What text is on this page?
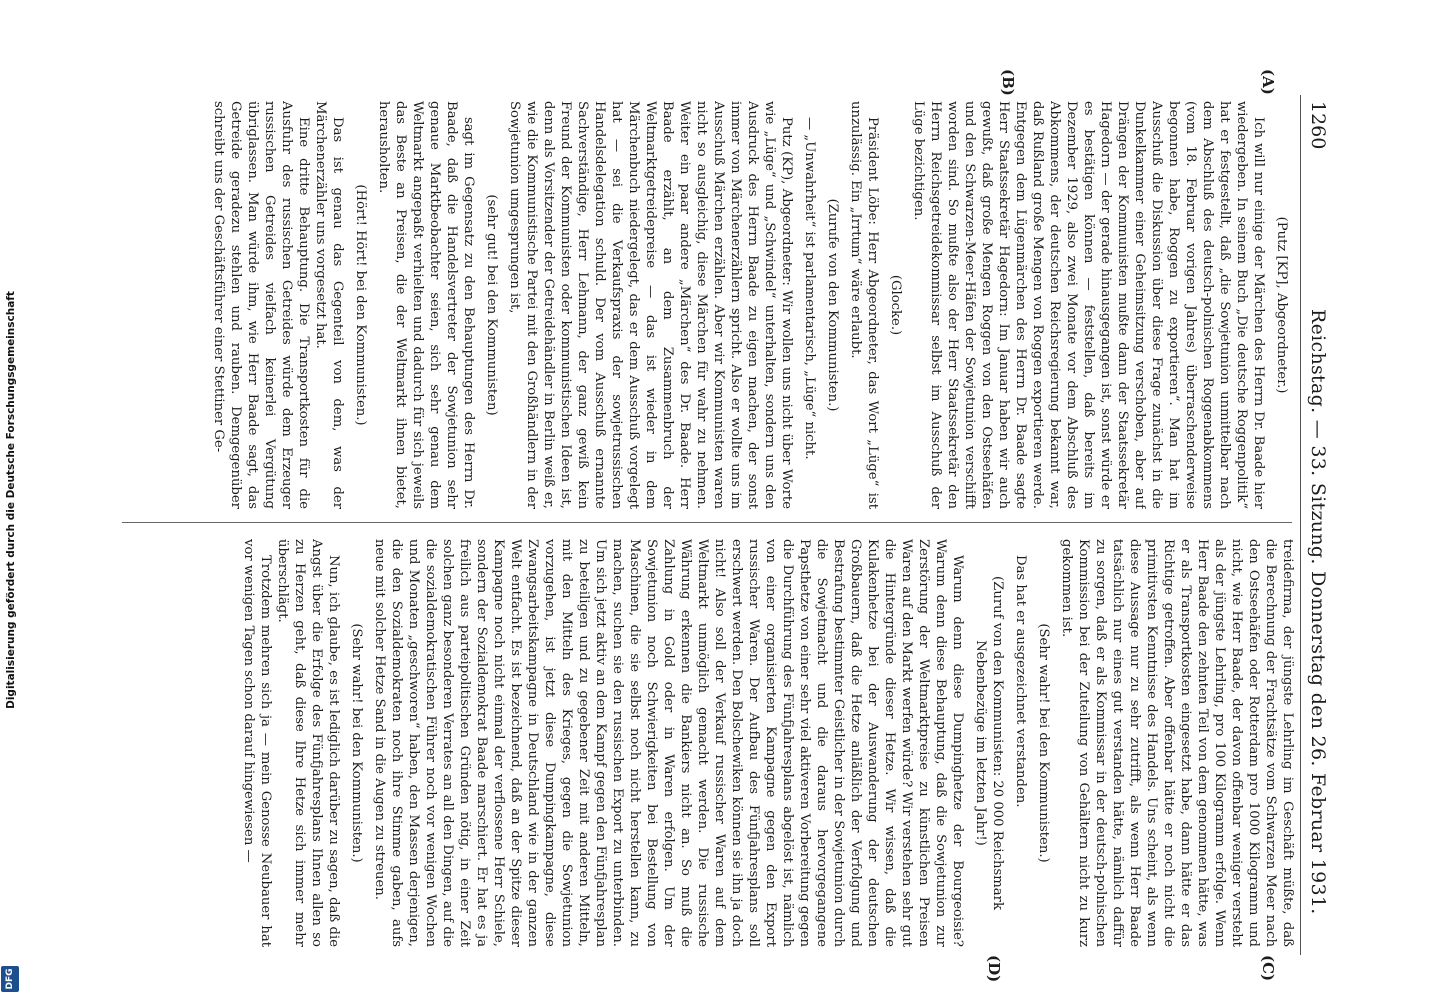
Digitalisierung gefördert durch die Deutsche Forschungsgemeinschaft
DFG
1260
Reichstag. — 33. Sitzung. Donnerstag den 26. Februar 1931.
(A)
(B)
(C)
(D)

(Putz [KP], Abgeordneter.)

Ich will nur einige der Märchen des Herrn Dr. Baade hier wiedergeben. In seinem Buch „Die deutsche Roggenpolitik“ hat er festgestellt, daß „die Sowjetunion unmittelbar nach dem Abschluß des deutsch-polnischen Roggenabkommens (vom 18. Februar vorigen Jahres) überraschenderweise begonnen habe, Roggen zu exportieren“. Man hat im Ausschuß die Diskussion über diese Frage zunächst in die Dunkelkammer einer Geheimsitzung verschoben, aber auf Drängen der Kommunisten mußte dann der Staatssekretär Hagedorn — der gerade hinausgegangen ist, sonst würde er es bestätigen können — feststellen, daß bereits im Dezember 1929, also zwei Monate vor dem Abschluß des Abkommens, der deutschen Reichsregierung bekannt war, daß Rußland große Mengen von Roggen exportieren werde. Entgegen dem Lügenmärchen des Herrn Dr. Baade sagte Herr Staatssekretär Hagedorn: Im Januar haben wir auch gewußt, daß große Mengen Roggen von den Ostseehäfen und den Schwarzen-Meer-Häfen der Sowjetunion verschifft worden sind. So mußte also der Herr Staatssekretär den Herrn Reichsgetreidekommissar selbst im Ausschuß der Lüge bezichtigen.

(Glocke.)

Präsident Löbe: Herr Abgeordneter, das Wort „Lüge“ ist unzulässig. Ein „Irrtum“ wäre erlaubt.

(Zurufe von den Kommunisten.)

— „Unwahrheit“ ist parlamentarisch, „Lüge“ nicht.

Putz (KP), Abgeordneter: Wir wollen uns nicht über Worte wie „Lüge“ und „Schwindel“ unterhalten, sondern uns den Ausdruck des Herrn Baade zu eigen machen, der sonst immer von Märchenerzählern spricht. Also er wollte uns im Ausschuß Märchen erzählen. Aber wir Kommunisten waren nicht so ausgleichig, diese Märchen für wahr zu nehmen. Weiter ein paar andere „Märchen“ des Dr. Baade. Herr Baade erzählt, an dem Zusammenbruch der Weltmarktgetreidepreise — das ist wieder in dem Märchenbuch niedergelegt, das er dem Ausschuß vorgelegt hat — sei die Verkaufspraxis der sowjetrussischen Handelsdelegation schuld. Der vom Ausschuß ernannte Sachverständige, Herr Lehmann, der ganz gewiß kein Freund der Kommunisten oder kommunistischen Ideen ist, denn als Vorsitzender der Getreidehändler in Berlin weiß er, wie die Kommunistische Partei mit den Großhändlern in der Sowjetunion umgesprungen ist,

(sehr gut! bei den Kommunisten)

sagt im Gegensatz zu den Behauptungen des Herrn Dr. Baade, daß die Handelsvertreter der Sowjetunion sehr genaue Marktbeobachter seien, sich sehr genau dem Weltmarkt angepaßt verhielten und dadurch für sich jeweils das Beste an Preisen, die der Weltmarkt ihnen bietet, herausholten.

(Hört! Hört! bei den Kommunisten.)

Das ist genau das Gegenteil von dem, was der Märchenerzähler uns vorgesetzt hat.

Eine dritte Behauptung. Die Transportkosten für die Ausfuhr des russischen Getreides würde dem Erzeuger russischen Getreides vielfach keinerlei Vergütung übriglassen. Man würde ihm, wie Herr Baade sagt, das Getreide geradezu stehlen und rauben. Demgegenüber schreibt uns der Geschäftsführer einer Stettiner Ge-

treidefirma, der jüngste Lehrling im Geschäft müßte, daß die Berechnung der Frachtsätze vom Schwarzen Meer nach den Ostseehäfen oder Rotterdam pro 1000 Kilogramm und nicht, wie Herr Baade, der davon offenbar weniger versteht als der jüngste Lehrling, pro 100 Kilogramm erfolge. Wenn Herr Baade den zehnten Teil von dem genommen hätte, was er als Transportkosten eingesetzt habe, dann hätte er das Richtige getroffen. Aber offenbar hätte er noch nicht die primitivsten Kenntnisse des Handels. Uns scheint, als wenn diese Aussage nur zu sehr zutrifft, als wenn Herr Baade tatsächlich nur eines gut verstanden hätte, nämlich daffür zu sorgen, daß er als Kommissar in der deutsch-polnischen Kommission bei der Zuteilung von Gehältern nicht zu kurz gekommen ist.

(Sehr wahr! bei den Kommunisten.)

Das hat er ausgezeichnet verstanden.

(Zuruf von den Kommunisten: 20 000 Reichsmark Nebenbezüge im letzten Jahr!)

Warum denn diese Dumpinghetze der Bourgeoisie? Warum denn diese Behauptung, daß die Sowjetunion zur Zerstörung der Weltmarktpreise zu künstlichen Preisen Waren auf den Markt werfen würde? Wir verstehen sehr gut die Hintergründe dieser Hetze. Wir wissen, daß die Kulakenhetze bei der Auswanderung der deutschen Großbauern, daß die Hetze anläßlich der Verfolgung und Bestrafung bestimmter Geistlicher in der Sowjetunion durch die Sowjetmacht und die daraus hervorgegangene Papsthetze von einer sehr viel aktiveren Vorbereitung gegen die Durchführung des Fünfjahresplans abgelöst ist, nämlich von einer organisierten Kampagne gegen den Export russischer Waren. Der Aufbau des Fünfjahresplans soll erschwert werden. Den Bolschewiken können sie ihn ja doch nicht! Also soll der Verkauf russischer Waren auf dem Weltmarkt unmöglich gemacht werden. Die russische Währung erkennen die Bankiers nicht an. So muß die Zahlung in Gold oder in Waren erfolgen. Um der Sowjetunion noch Schwierigkeiten bei Bestellung von Maschinen, die sie selbst noch nicht herstellen kann, zu machen, suchen sie den russischen Export zu unterbinden. Um sich jetzt aktiv an dem Kampf gegen den Fünfjahresplan zu beteiligen und zu gegebener Zeit mit anderen Mitteln, mit den Mitteln des Krieges, gegen die Sowjetunion vorzugehen, ist jetzt diese Dumpingkampagne, diese Zwangsarbeitskampagne in Deutschland wie in der ganzen Welt entfacht. Es ist bezeichnend, daß an der Spitze dieser Kampagne noch nicht einmal der verflossene Herr Schiele, sondern der Sozialdemokrat Baade marschiert. Er hat es ja freilich aus parteipolitischen Gründen nötig, in einer Zeit solchen ganz besonderen Verrates an all den Dingen, auf die die sozialdemokratischen Führer noch vor wenigen Wochen und Monaten „geschworen“ haben, den Massen derjenigen, die den Sozialdemokraten noch ihre Stimme gaben, aufs neue mit solcher Hetze Sand in die Augen zu streuen.

(Sehr wahr! bei den Kommunisten.)

Nun, ich glaube, es ist lediglich darüber zu sagen, daß die Angst über die Erfolge des Fünfjahresplans Ihnen allen so zu Herzen geht, daß diese Ihre Hetze sich immer mehr überschlägt.

Trotzdem mehren sich ja — mein Genosse Neubauer hat vor wenigen Tagen schon darauf hingewiesen —
